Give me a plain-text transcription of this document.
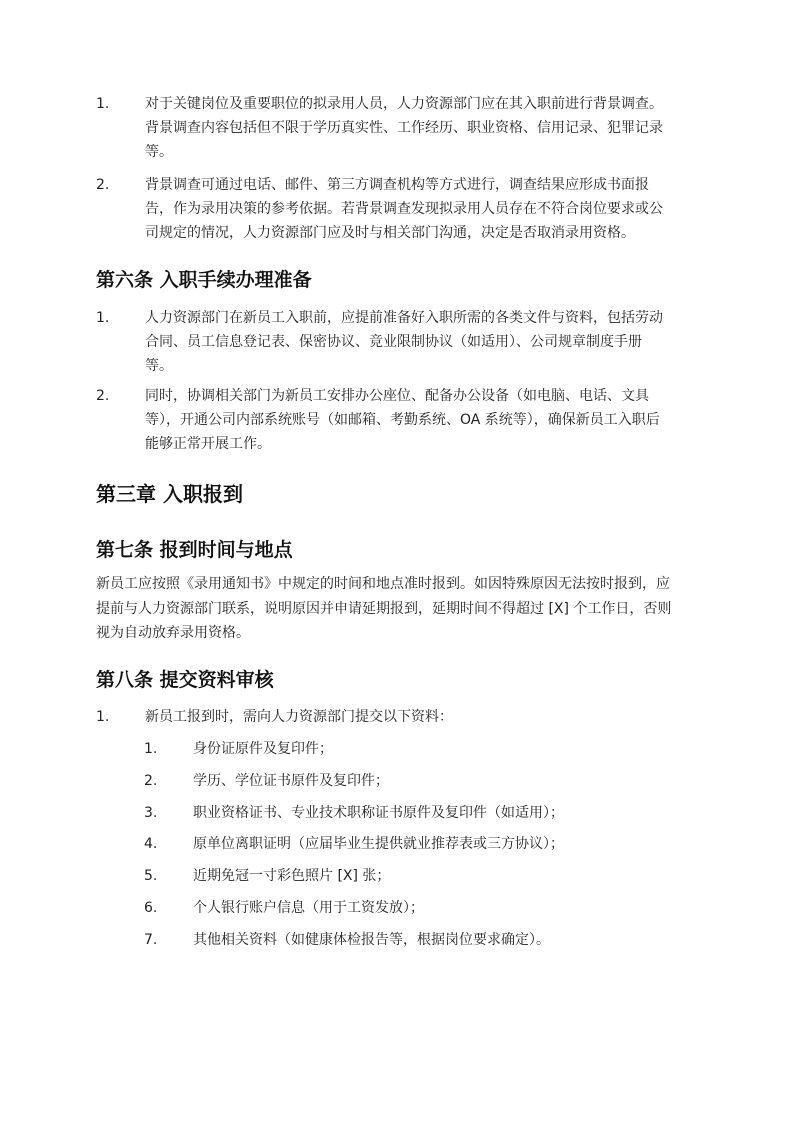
1.	对于关键岗位及重要职位的拟录用人员，人力资源部门应在其入职前进行背景调查。
背景调查内容包括但不限于学历真实性、工作经历、职业资格、信用记录、犯罪记录
等。
2.	背景调查可通过电话、邮件、第三方调查机构等方式进行，调查结果应形成书面报
告，作为录用决策的参考依据。若背景调查发现拟录用人员存在不符合岗位要求或公
司规定的情况，人力资源部门应及时与相关部门沟通，决定是否取消录用资格。
第六条 入职手续办理准备
1.	人力资源部门在新员工入职前，应提前准备好入职所需的各类文件与资料，包括劳动
合同、员工信息登记表、保密协议、竞业限制协议（如适用）、公司规章制度手册
等。
2.	同时，协调相关部门为新员工安排办公座位、配备办公设备（如电脑、电话、文具
等），开通公司内部系统账号（如邮箱、考勤系统、OA 系统等），确保新员工入职后
能够正常开展工作。
第三章 入职报到
第七条 报到时间与地点
新员工应按照《录用通知书》中规定的时间和地点准时报到。如因特殊原因无法按时报到，应
提前与人力资源部门联系，说明原因并申请延期报到，延期时间不得超过 [X] 个工作日，否则
视为自动放弃录用资格。
第八条 提交资料审核
1.	新员工报到时，需向人力资源部门提交以下资料：
1.	身份证原件及复印件；
2.	学历、学位证书原件及复印件；
3.	职业资格证书、专业技术职称证书原件及复印件（如适用）；
4.	原单位离职证明（应届毕业生提供就业推荐表或三方协议）；
5.	近期免冠一寸彩色照片 [X] 张；
6.	个人银行账户信息（用于工资发放）；
7.	其他相关资料（如健康体检报告等，根据岗位要求确定）。
